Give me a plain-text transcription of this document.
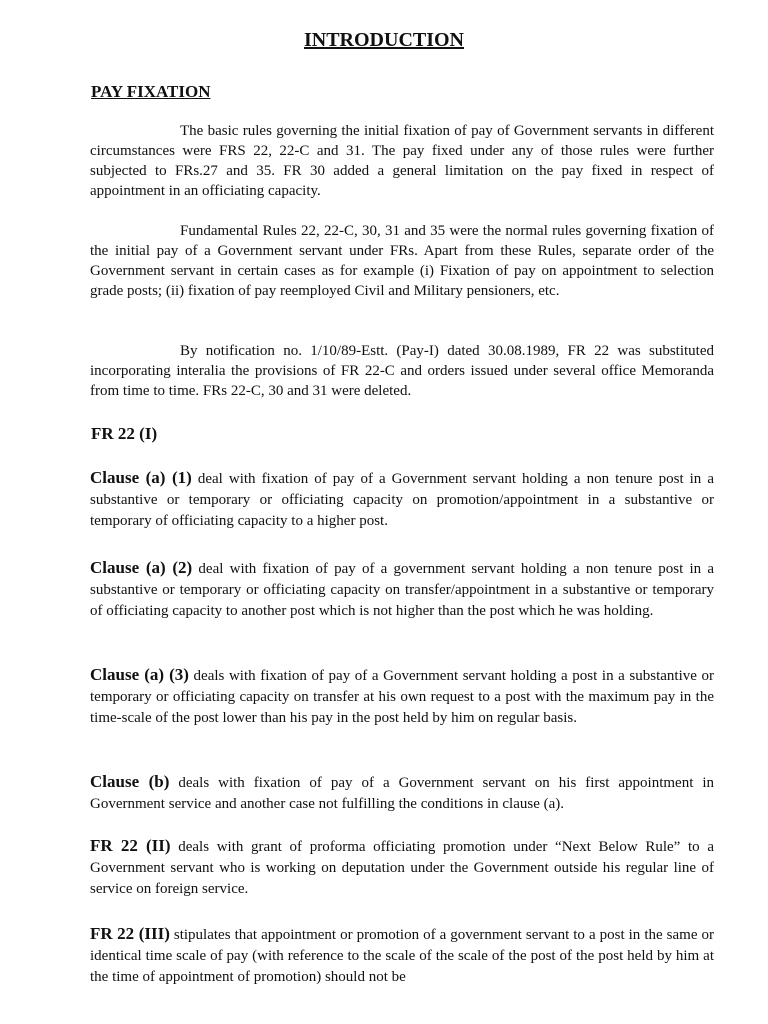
INTRODUCTION
PAY FIXATION

The basic rules governing the initial fixation of pay of Government servants in different circumstances were FRS 22, 22-C and 31. The pay fixed under any of those rules were further subjected to FRs.27 and 35. FR 30 added a general limitation on the pay fixed in respect of appointment in an officiating capacity.

Fundamental Rules 22, 22-C, 30, 31 and 35 were the normal rules governing fixation of the initial pay of a Government servant under FRs. Apart from these Rules, separate order of the Government servant in certain cases as for example (i) Fixation of pay on appointment to selection grade posts; (ii) fixation of pay reemployed Civil and Military pensioners, etc.

By notification no. 1/10/89-Estt. (Pay-I) dated 30.08.1989, FR 22 was substituted incorporating interalia the provisions of FR 22-C and orders issued under several office Memoranda from time to time. FRs 22-C, 30 and 31 were deleted.

FR 22 (I)

Clause (a) (1) deal with fixation of pay of a Government servant holding a non tenure post in a substantive or temporary or officiating capacity on promotion/appointment in a substantive or temporary of officiating capacity to a higher post.

Clause (a) (2) deal with fixation of pay of a government servant holding a non tenure post in a substantive or temporary or officiating capacity on transfer/appointment in a substantive or temporary of officiating capacity to another post which is not higher than the post which he was holding.

Clause (a) (3) deals with fixation of pay of a Government servant holding a post in a substantive or temporary or officiating capacity on transfer at his own request to a post with the maximum pay in the time-scale of the post lower than his pay in the post held by him on regular basis.

Clause (b) deals with fixation of pay of a Government servant on his first appointment in Government service and another case not fulfilling the conditions in clause (a).

FR 22 (II) deals with grant of proforma officiating promotion under “Next Below Rule” to a Government servant who is working on deputation under the Government outside his regular line of service on foreign service.

FR 22 (III) stipulates that appointment or promotion of a government servant to a post in the same or identical time scale of pay (with reference to the scale of the scale of the post of the post held by him at the time of appointment of promotion) should not be
